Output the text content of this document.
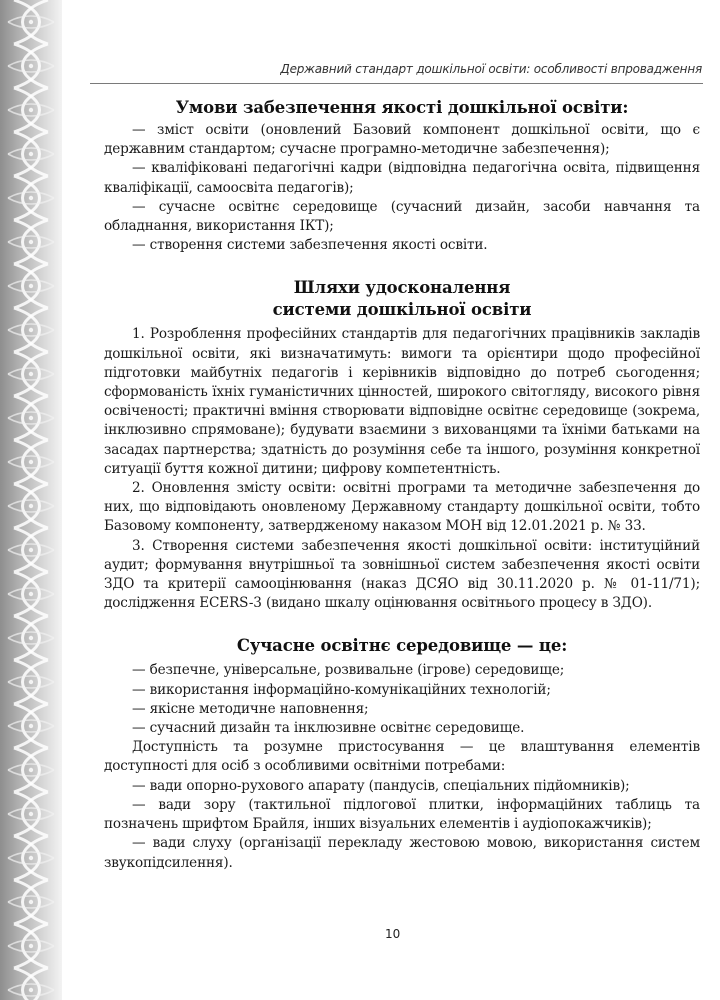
Державний стандарт дошкільної освіти: особливості впровадження
Умови забезпечення якості дошкільної освіти:

— зміст освіти (оновлений Базовий компонент дошкільної освіти, що є державним стандартом; сучасне програмно-методичне забезпечення);

— кваліфіковані педагогічні кадри (відповідна педагогічна освіта, підвищення кваліфікації, самоосвіта педагогів);

— сучасне освітнє середовище (сучасний дизайн, засоби навчання та обладнання, використання ІКТ);

— створення системи забезпечення якості освіти.

Шляхи удосконалення
системи дошкільної освіти

1. Розроблення професійних стандартів для педагогічних працівників закладів дошкільної освіти, які визначатимуть: вимоги та орієнтири щодо професійної підготовки майбутніх педагогів і керівників відповідно до потреб сьогодення; сформованість їхніх гуманістичних цінностей, широкого світогляду, високого рівня освіченості; практичні вміння створювати відповідне освітнє середовище (зокрема, інклюзивно спрямоване); будувати взаємини з вихованцями та їхніми батьками на засадах партнерства; здатність до розуміння себе та іншого, розуміння конкретної ситуації буття кожної дитини; цифрову компетентність.

2. Оновлення змісту освіти: освітні програми та методичне забезпечення до них, що відповідають оновленому Державному стандарту дошкільної освіти, тобто Базовому компоненту, затвердженому наказом МОН від 12.01.2021 р. № 33.

3. Створення системи забезпечення якості дошкільної освіти: інституційний аудит; формування внутрішньої та зовнішньої систем забезпечення якості освіти ЗДО та критерії самооцінювання (наказ ДСЯО від 30.11.2020 р. № 01-11/71); дослідження ECERS-3 (видано шкалу оцінювання освітнього процесу в ЗДО).

Сучасне освітнє середовище — це:

— безпечне, універсальне, розвивальне (ігрове) середовище;

— використання інформаційно-комунікаційних технологій;

— якісне методичне наповнення;

— сучасний дизайн та інклюзивне освітнє середовище.

Доступність та розумне пристосування — це влаштування елементів доступності для осіб з особливими освітніми потребами:

— вади опорно-рухового апарату (пандусів, спеціальних підйомників);

— вади зору (тактильної підлогової плитки, інформаційних таблиць та позначень шрифтом Брайля, інших візуальних елементів і аудіопокажчиків);

— вади слуху (організації перекладу жестовою мовою, використання систем звукопідсилення).

10
